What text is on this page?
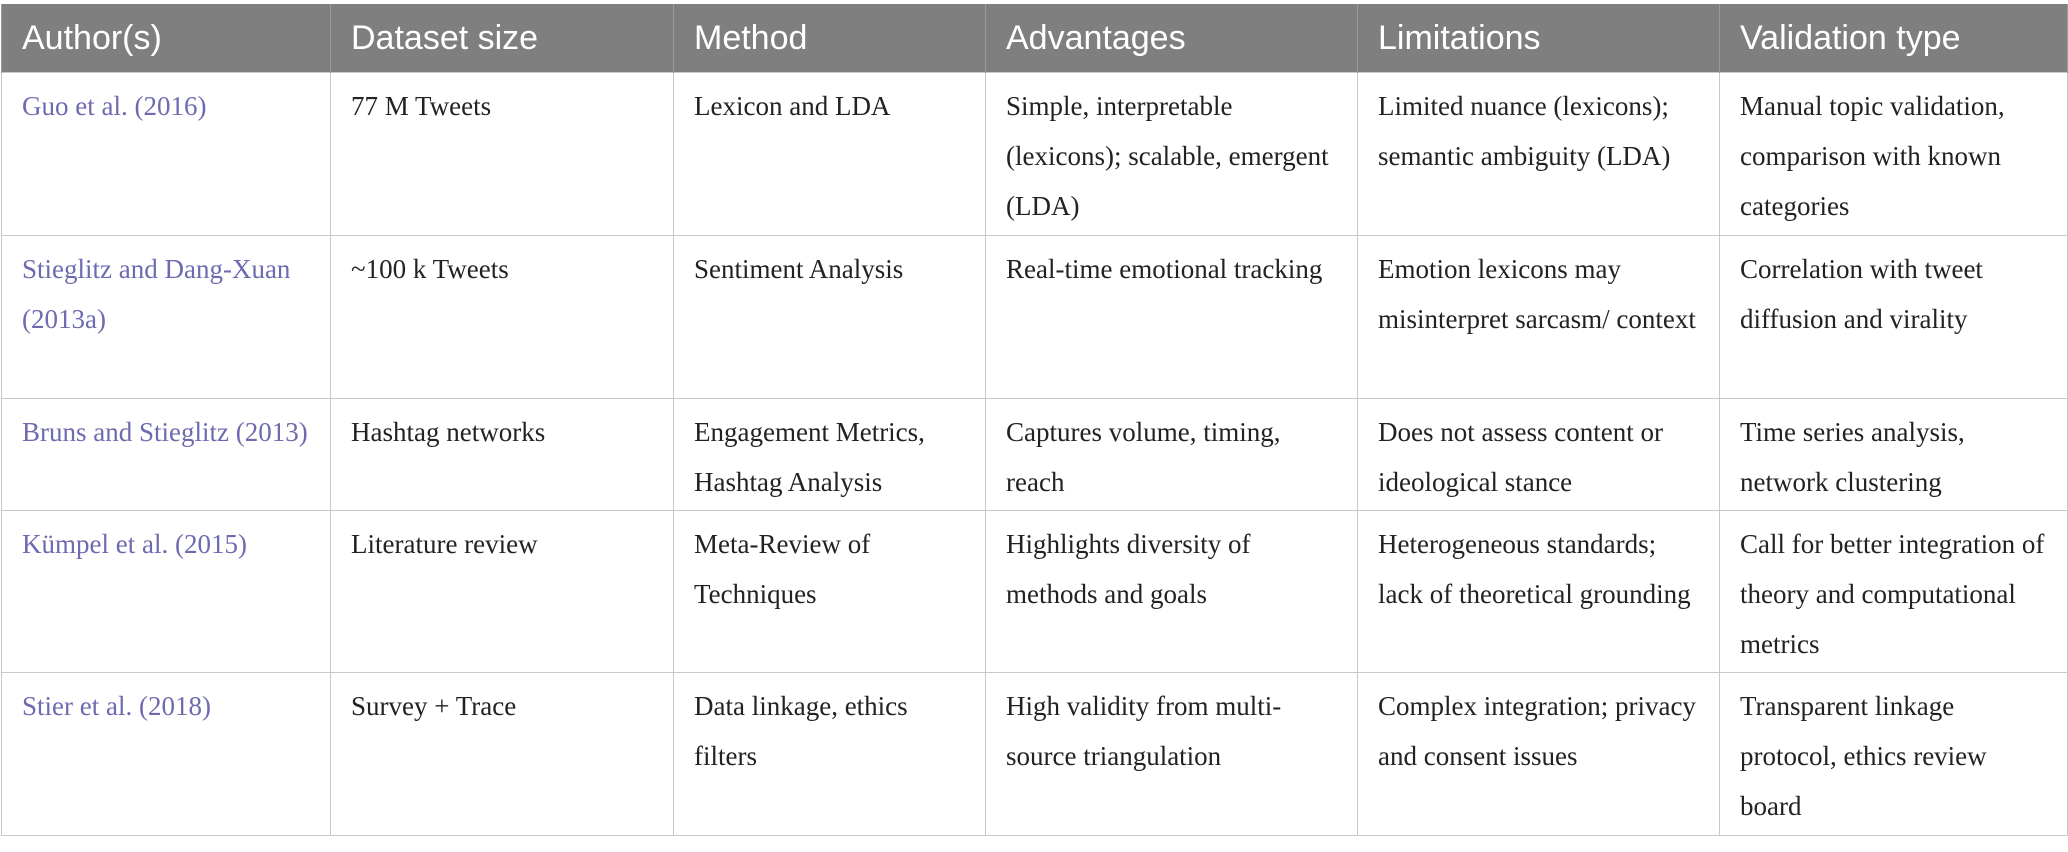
Author(s)	Dataset size	Method	Advantages	Limitations	Validation type
Guo et al. (2016)	77 M Tweets	Lexicon and LDA	Simple, interpretable (lexicons); scalable, emergent (LDA)	Limited nuance (lexicons); semantic ambiguity (LDA)	Manual topic validation, comparison with known categories
Stieglitz and Dang-Xuan (2013a)	~100 k Tweets	Sentiment Analysis	Real-time emotional tracking	Emotion lexicons may misinterpret sarcasm/ context	Correlation with tweet diffusion and virality
Bruns and Stieglitz (2013)	Hashtag networks	Engagement Metrics, Hashtag Analysis	Captures volume, timing, reach	Does not assess content or ideological stance	Time series analysis, network clustering
Kümpel et al. (2015)	Literature review	Meta-Review of Techniques	Highlights diversity of methods and goals	Heterogeneous standards; lack of theoretical grounding	Call for better integration of theory and computational metrics
Stier et al. (2018)	Survey + Trace	Data linkage, ethics filters	High validity from multi-source triangulation	Complex integration; privacy and consent issues	Transparent linkage protocol, ethics review board
